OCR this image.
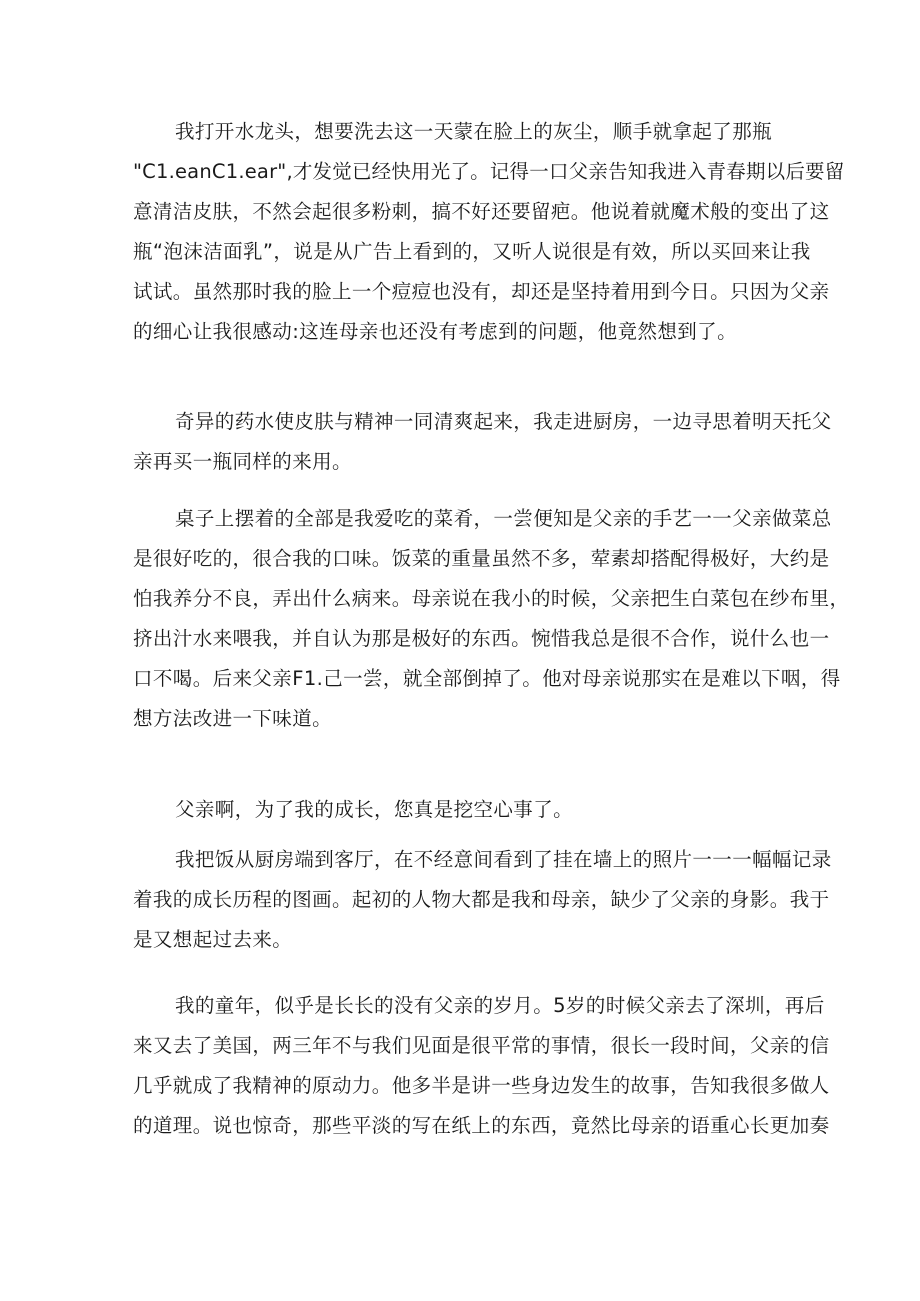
我打开水龙头，想要洗去这一天蒙在脸上的灰尘，顺手就拿起了那瓶
"C1.eanC1.ear",才发觉已经快用光了。记得一口父亲告知我进入青春期以后要留
意清洁皮肤，不然会起很多粉刺，搞不好还要留疤。他说着就魔术般的变出了这
瓶“泡沫洁面乳”，说是从广告上看到的，又听人说很是有效，所以买回来让我
试试。虽然那时我的脸上一个痘痘也没有，却还是坚持着用到今日。只因为父亲
的细心让我很感动:这连母亲也还没有考虑到的问题，他竟然想到了。
奇异的药水使皮肤与精神一同清爽起来，我走进厨房，一边寻思着明天托父
亲再买一瓶同样的来用。
桌子上摆着的全部是我爱吃的菜肴，一尝便知是父亲的手艺一一父亲做菜总
是很好吃的，很合我的口味。饭菜的重量虽然不多，荤素却搭配得极好，大约是
怕我养分不良，弄出什么病来。母亲说在我小的时候，父亲把生白菜包在纱布里，
挤出汁水来喂我，并自认为那是极好的东西。惋惜我总是很不合作，说什么也一
口不喝。后来父亲F1.己一尝，就全部倒掉了。他对母亲说那实在是难以下咽，得
想方法改进一下味道。
父亲啊，为了我的成长，您真是挖空心事了。
我把饭从厨房端到客厅，在不经意间看到了挂在墙上的照片一一一幅幅记录
着我的成长历程的图画。起初的人物大都是我和母亲，缺少了父亲的身影。我于
是又想起过去来。
我的童年，似乎是长长的没有父亲的岁月。5岁的时候父亲去了深圳，再后
来又去了美国，两三年不与我们见面是很平常的事情，很长一段时间，父亲的信
几乎就成了我精神的原动力。他多半是讲一些身边发生的故事，告知我很多做人
的道理。说也惊奇，那些平淡的写在纸上的东西，竟然比母亲的语重心长更加奏
